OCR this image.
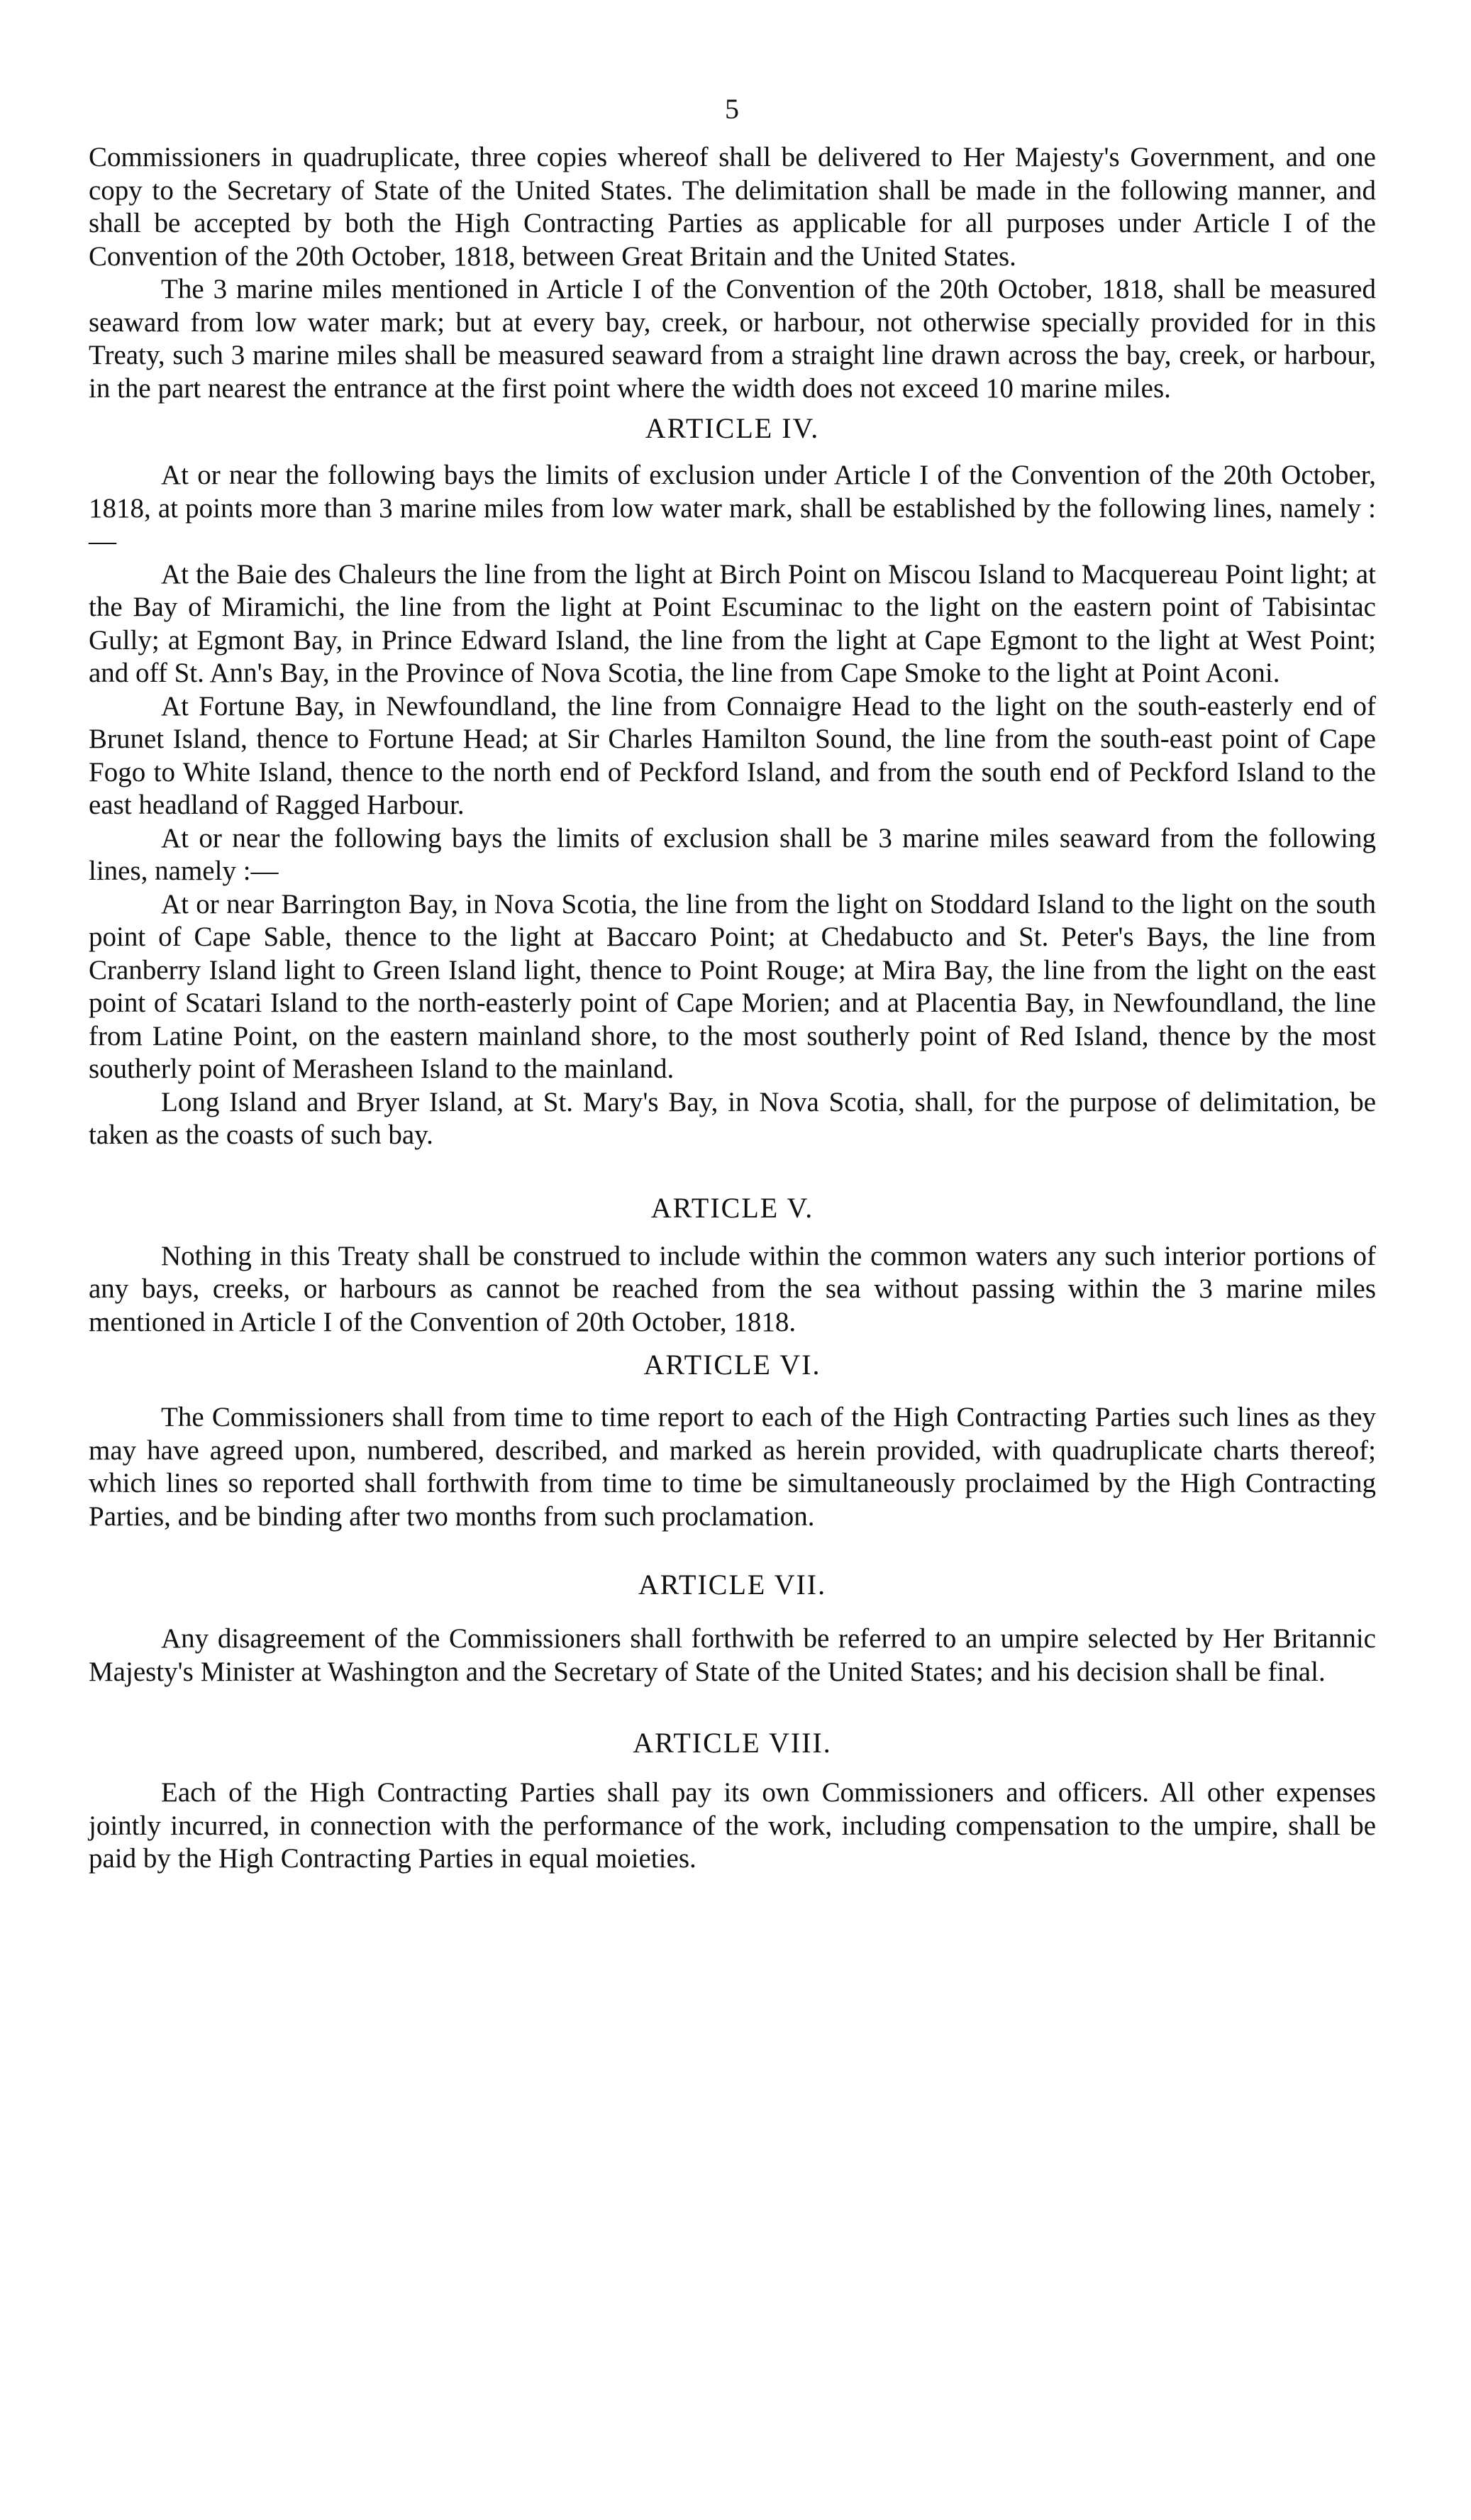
5

Commissioners in quadruplicate, three copies whereof shall be delivered to Her Majesty's Government, and one copy to the Secretary of State of the United States. The delimitation shall be made in the following manner, and shall be accepted by both the High Contracting Parties as applicable for all purposes under Article I of the Convention of the 20th October, 1818, between Great Britain and the United States.

The 3 marine miles mentioned in Article I of the Convention of the 20th October, 1818, shall be measured seaward from low water mark; but at every bay, creek, or harbour, not otherwise specially provided for in this Treaty, such 3 marine miles shall be measured seaward from a straight line drawn across the bay, creek, or harbour, in the part nearest the entrance at the first point where the width does not exceed 10 marine miles.

ARTICLE IV.

At or near the following bays the limits of exclusion under Article I of the Convention of the 20th October, 1818, at points more than 3 marine miles from low water mark, shall be established by the following lines, namely :—

At the Baie des Chaleurs the line from the light at Birch Point on Miscou Island to Macquereau Point light; at the Bay of Miramichi, the line from the light at Point Escuminac to the light on the eastern point of Tabisintac Gully; at Egmont Bay, in Prince Edward Island, the line from the light at Cape Egmont to the light at West Point; and off St. Ann's Bay, in the Province of Nova Scotia, the line from Cape Smoke to the light at Point Aconi.

At Fortune Bay, in Newfoundland, the line from Connaigre Head to the light on the south-easterly end of Brunet Island, thence to Fortune Head; at Sir Charles Hamilton Sound, the line from the south-east point of Cape Fogo to White Island, thence to the north end of Peckford Island, and from the south end of Peckford Island to the east headland of Ragged Harbour.

At or near the following bays the limits of exclusion shall be 3 marine miles seaward from the following lines, namely :—

At or near Barrington Bay, in Nova Scotia, the line from the light on Stoddard Island to the light on the south point of Cape Sable, thence to the light at Baccaro Point; at Chedabucto and St. Peter's Bays, the line from Cranberry Island light to Green Island light, thence to Point Rouge; at Mira Bay, the line from the light on the east point of Scatari Island to the north-easterly point of Cape Morien; and at Placentia Bay, in Newfoundland, the line from Latine Point, on the eastern mainland shore, to the most southerly point of Red Island, thence by the most southerly point of Merasheen Island to the mainland.

Long Island and Bryer Island, at St. Mary's Bay, in Nova Scotia, shall, for the purpose of delimitation, be taken as the coasts of such bay.

ARTICLE V.

Nothing in this Treaty shall be construed to include within the common waters any such interior portions of any bays, creeks, or harbours as cannot be reached from the sea without passing within the 3 marine miles mentioned in Article I of the Convention of 20th October, 1818.

ARTICLE VI.

The Commissioners shall from time to time report to each of the High Contracting Parties such lines as they may have agreed upon, numbered, described, and marked as herein provided, with quadruplicate charts thereof; which lines so reported shall forthwith from time to time be simultaneously proclaimed by the High Contracting Parties, and be binding after two months from such proclamation.

ARTICLE VII.

Any disagreement of the Commissioners shall forthwith be referred to an umpire selected by Her Britannic Majesty's Minister at Washington and the Secretary of State of the United States; and his decision shall be final.

ARTICLE VIII.

Each of the High Contracting Parties shall pay its own Commissioners and officers. All other expenses jointly incurred, in connection with the performance of the work, including compensation to the umpire, shall be paid by the High Contracting Parties in equal moieties.
